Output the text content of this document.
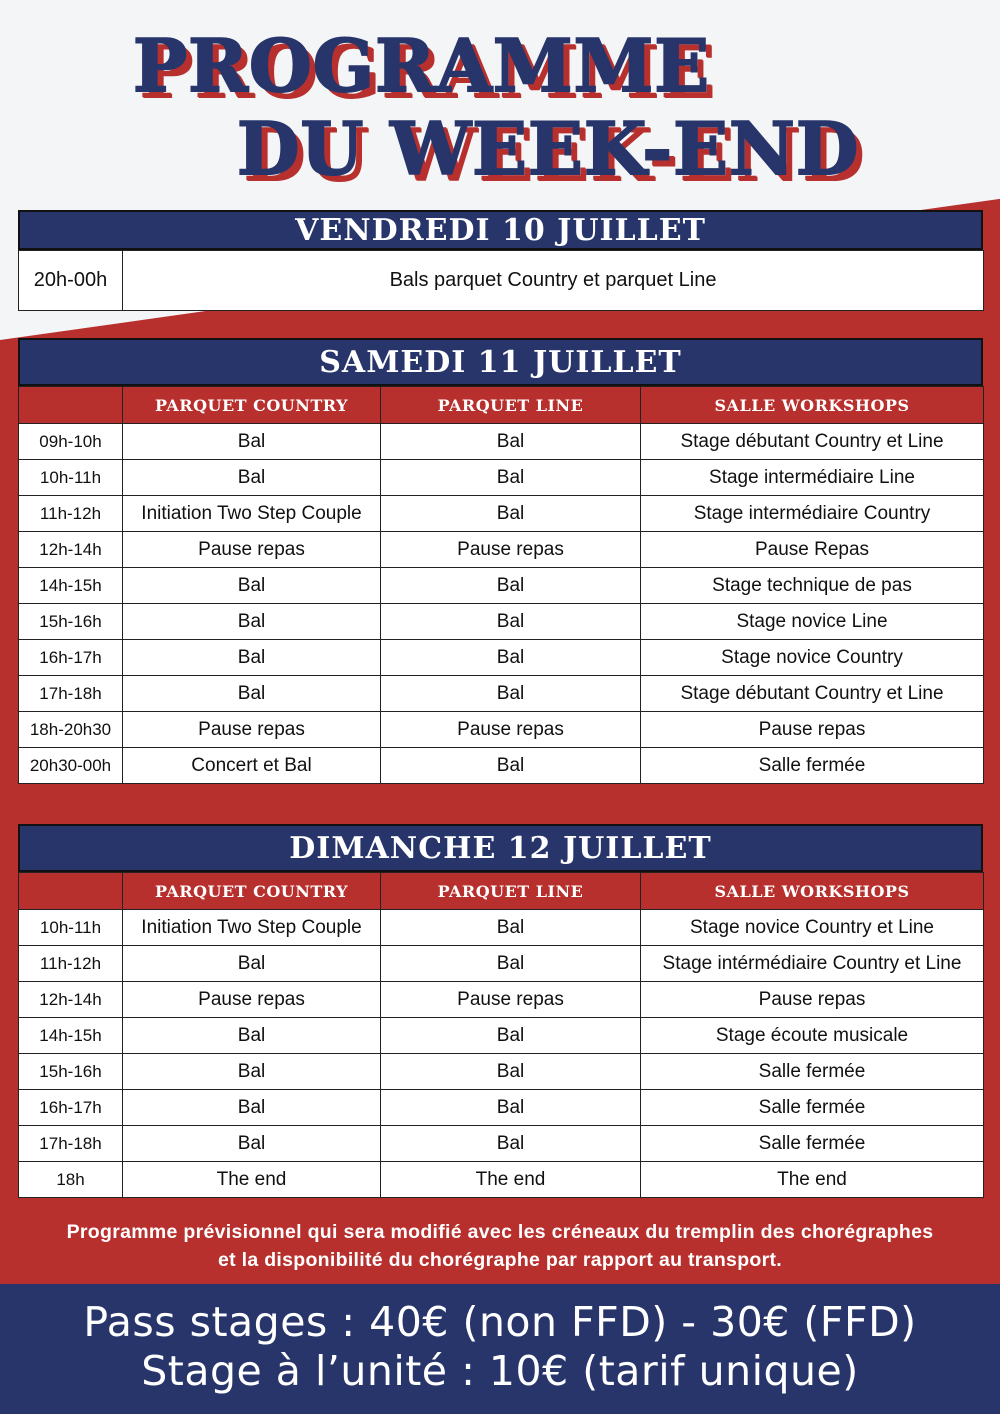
PROGRAMME
DU WEEK-END
VENDREDI 10 JUILLET
20h-00h	Bals parquet Country et parquet Line
SAMEDI 11 JUILLET
	PARQUET COUNTRY	PARQUET LINE	SALLE WORKSHOPS
09h-10h	Bal	Bal	Stage débutant Country et Line
10h-11h	Bal	Bal	Stage intermédiaire Line
11h-12h	Initiation Two Step Couple	Bal	Stage intermédiaire Country
12h-14h	Pause repas	Pause repas	Pause Repas
14h-15h	Bal	Bal	Stage technique de pas
15h-16h	Bal	Bal	Stage novice Line
16h-17h	Bal	Bal	Stage novice Country
17h-18h	Bal	Bal	Stage débutant Country et Line
18h-20h30	Pause repas	Pause repas	Pause repas
20h30-00h	Concert et Bal	Bal	Salle fermée
DIMANCHE 12 JUILLET
	PARQUET COUNTRY	PARQUET LINE	SALLE WORKSHOPS
10h-11h	Initiation Two Step Couple	Bal	Stage novice Country et Line
11h-12h	Bal	Bal	Stage intérmédiaire Country et Line
12h-14h	Pause repas	Pause repas	Pause repas
14h-15h	Bal	Bal	Stage écoute musicale
15h-16h	Bal	Bal	Salle fermée
16h-17h	Bal	Bal	Salle fermée
17h-18h	Bal	Bal	Salle fermée
18h	The end	The end	The end
Programme prévisionnel qui sera modifié avec les créneaux du tremplin des chorégraphes
et la disponibilité du chorégraphe par rapport au transport.
Pass stages : 40€ (non FFD) - 30€ (FFD)
Stage à l’unité : 10€ (tarif unique)
